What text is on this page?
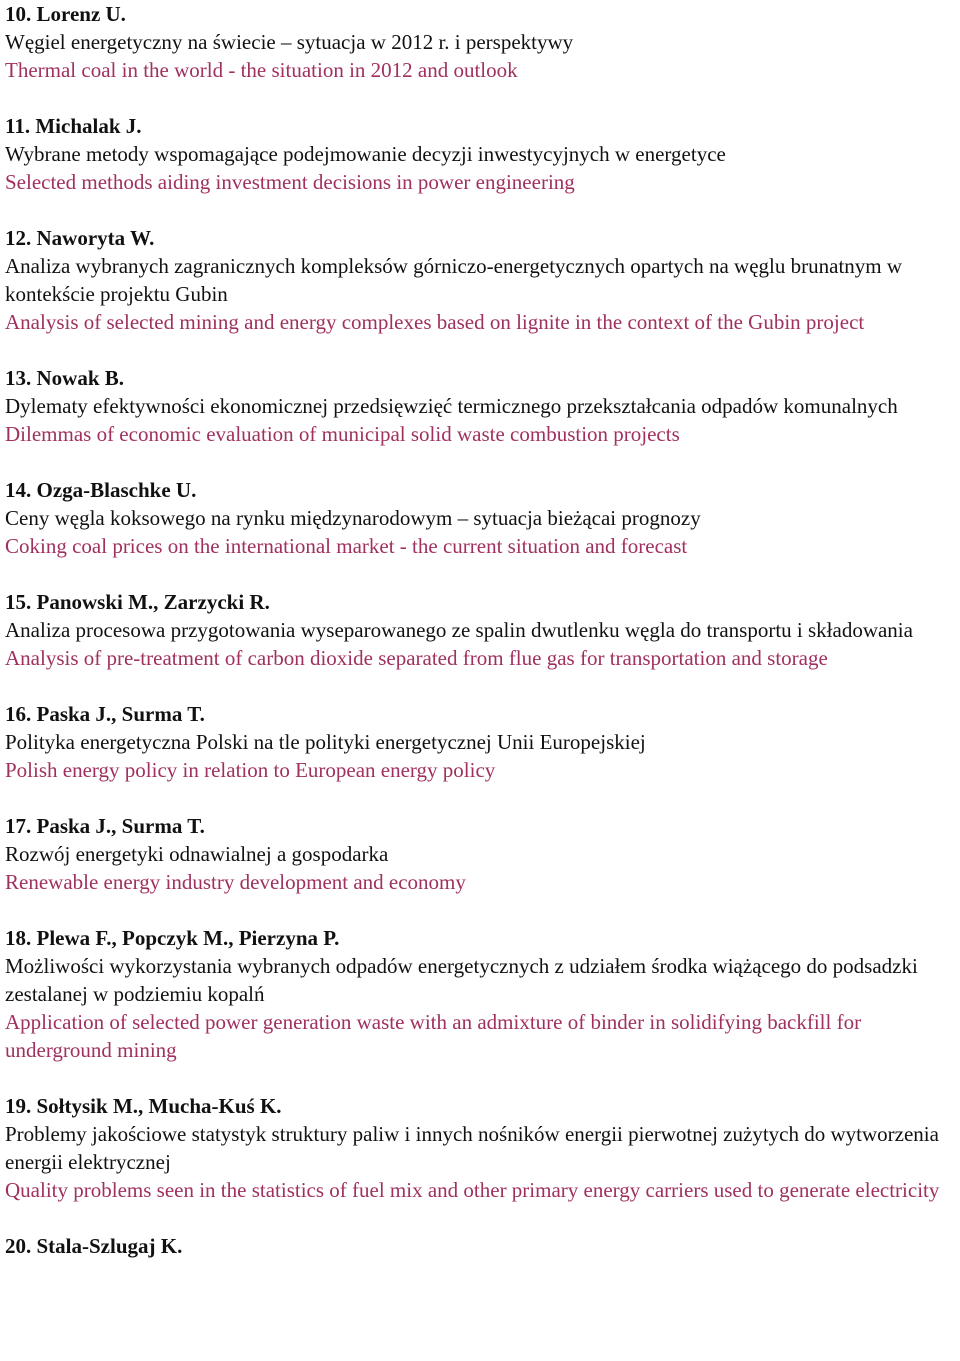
10. Lorenz U.
Węgiel energetyczny na świecie – sytuacja w 2012 r. i perspektywy
Thermal coal in the world - the situation in 2012 and outlook
11. Michalak J.
Wybrane metody wspomagające podejmowanie decyzji inwestycyjnych w energetyce
Selected methods aiding investment decisions in power engineering
12. Naworyta W.
Analiza wybranych zagranicznych kompleksów górniczo-energetycznych opartych na węglu brunatnym w kontekście projektu Gubin
Analysis of selected mining and energy complexes based on lignite in the context of the Gubin project
13. Nowak B.
Dylematy efektywności ekonomicznej przedsięwzięć termicznego przekształcania odpadów komunalnych
Dilemmas of economic evaluation of municipal solid waste combustion projects
14. Ozga-Blaschke U.
Ceny węgla koksowego na rynku międzynarodowym – sytuacja bieżącai prognozy
Coking coal prices on the international market - the current situation and forecast
15. Panowski M., Zarzycki R.
Analiza procesowa przygotowania wyseparowanego ze spalin dwutlenku węgla do transportu i składowania
Analysis of pre-treatment of carbon dioxide separated from flue gas for transportation and storage
16. Paska J., Surma T.
Polityka energetyczna Polski na tle polityki energetycznej Unii Europejskiej
Polish energy policy in relation to European energy policy
17. Paska J., Surma T.
Rozwój energetyki odnawialnej a gospodarka
Renewable energy industry development and economy
18. Plewa F., Popczyk M., Pierzyna P.
Możliwości wykorzystania wybranych odpadów energetycznych z udziałem środka wiążącego do podsadzki zestalanej w podziemiu kopalń
Application of selected power generation waste with an admixture of binder in solidifying backfill for underground mining
19. Sołtysik M., Mucha-Kuś K.
Problemy jakościowe statystyk struktury paliw i innych nośników energii pierwotnej zużytych do wytworzenia energii elektrycznej
Quality problems seen in the statistics of fuel mix and other primary energy carriers used to generate electricity
20. Stala-Szlugaj K.
